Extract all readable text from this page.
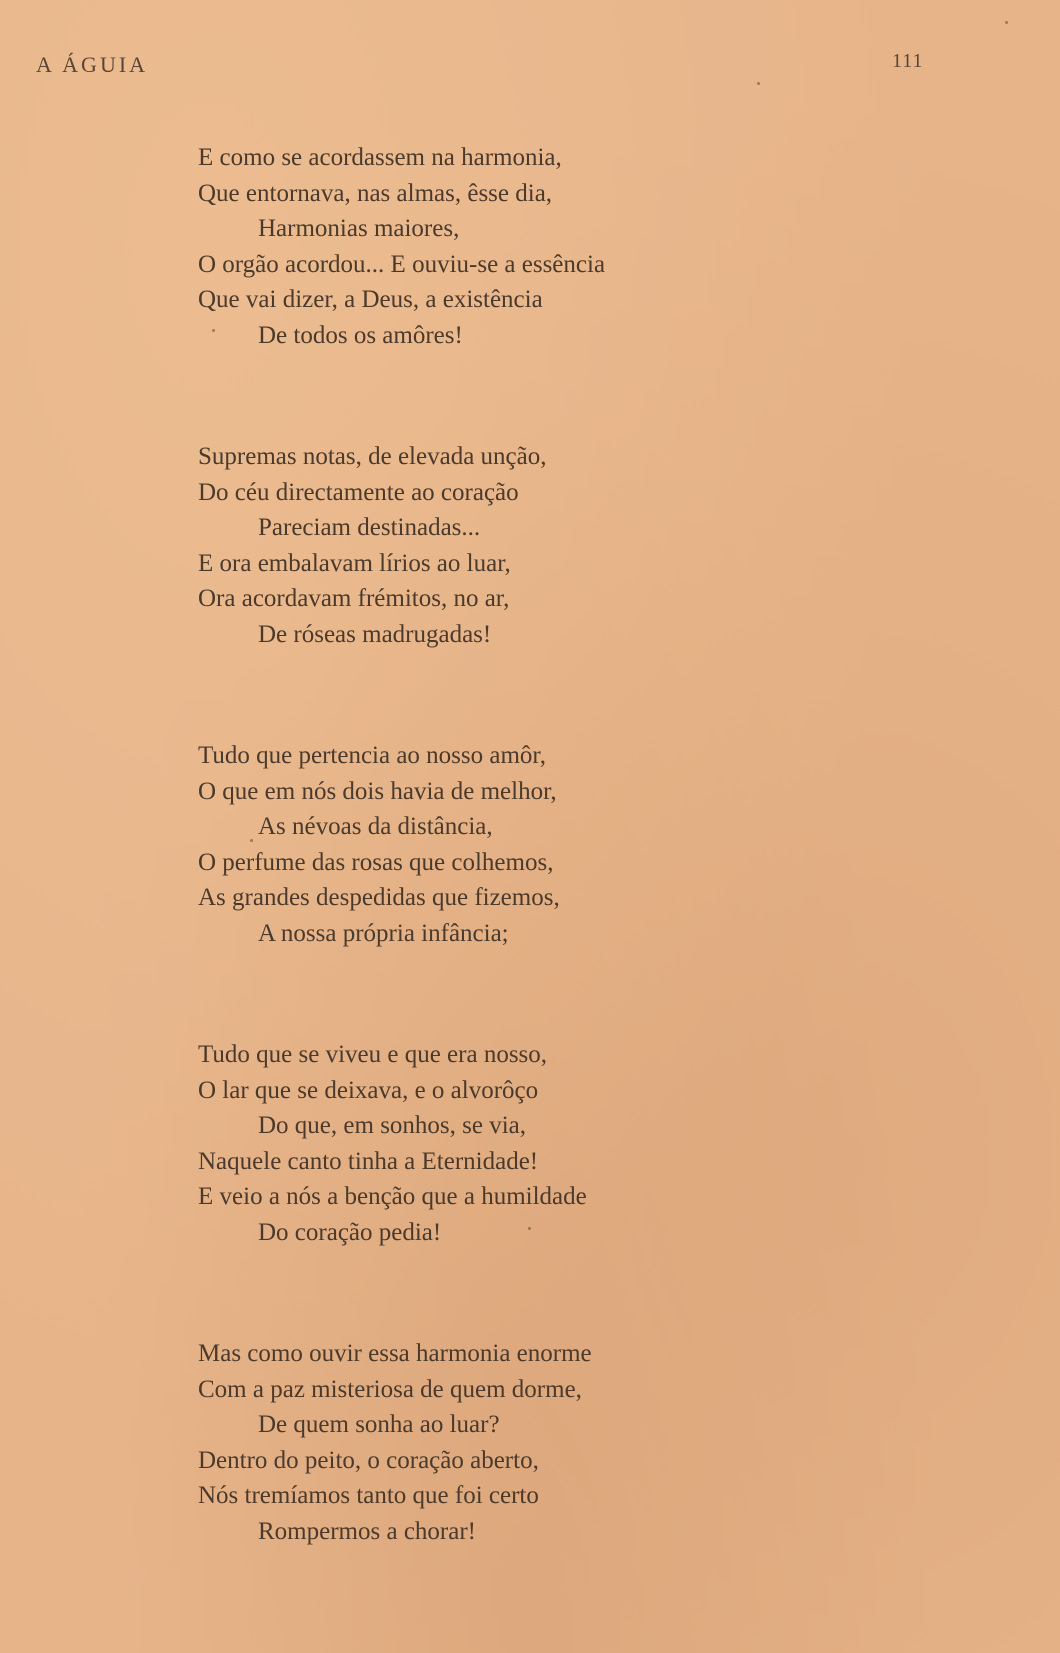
A ÁGUIA	111
E como se acordassem na harmonia,
Que entornava, nas almas, êsse dia,
Harmonias maiores,
O orgão acordou... E ouviu-se a essência
Que vai dizer, a Deus, a existência
De todos os amôres!
Supremas notas, de elevada unção,
Do céu directamente ao coração
Pareciam destinadas...
E ora embalavam lírios ao luar,
Ora acordavam frémitos, no ar,
De róseas madrugadas!
Tudo que pertencia ao nosso amôr,
O que em nós dois havia de melhor,
As névoas da distância,
O perfume das rosas que colhemos,
As grandes despedidas que fizemos,
A nossa própria infância;
Tudo que se viveu e que era nosso,
O lar que se deixava, e o alvorôço
Do que, em sonhos, se via,
Naquele canto tinha a Eternidade!
E veio a nós a benção que a humildade
Do coração pedia!
Mas como ouvir essa harmonia enorme
Com a paz misteriosa de quem dorme,
De quem sonha ao luar?
Dentro do peito, o coração aberto,
Nós tremíamos tanto que foi certo
Rompermos a chorar!
